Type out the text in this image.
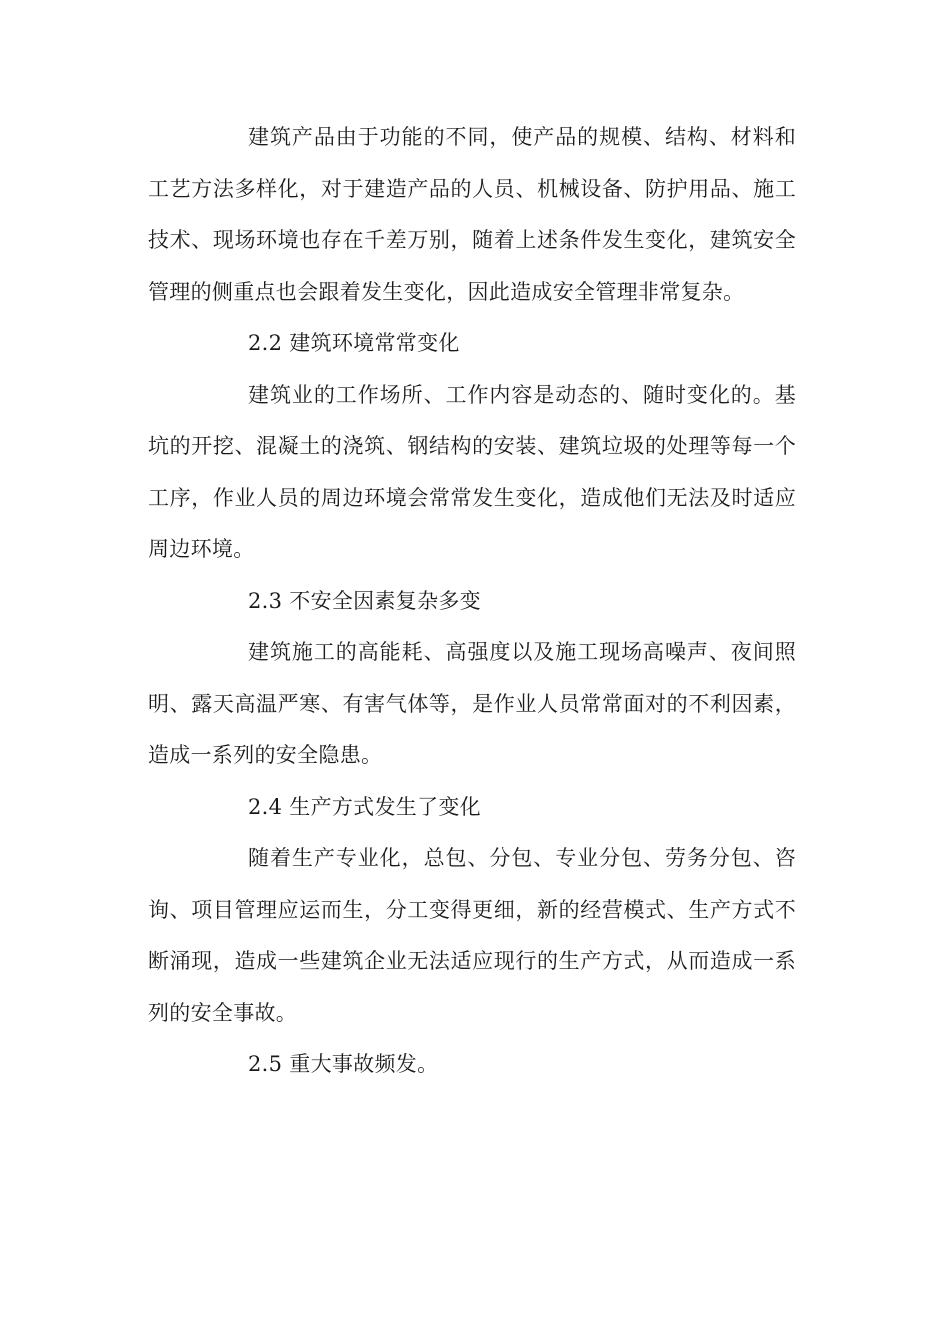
建筑产品由于功能的不同，使产品的规模、结构、材料和工艺方法多样化，对于建造产品的人员、机械设备、防护用品、施工技术、现场环境也存在千差万别，随着上述条件发生变化，建筑安全管理的侧重点也会跟着发生变化，因此造成安全管理非常复杂。

2.2 建筑环境常常变化

建筑业的工作场所、工作内容是动态的、随时变化的。基坑的开挖、混凝土的浇筑、钢结构的安装、建筑垃圾的处理等每一个工序，作业人员的周边环境会常常发生变化，造成他们无法及时适应周边环境。

2.3 不安全因素复杂多变

建筑施工的高能耗、高强度以及施工现场高噪声、夜间照明、露天高温严寒、有害气体等，是作业人员常常面对的不利因素，造成一系列的安全隐患。

2.4 生产方式发生了变化

随着生产专业化，总包、分包、专业分包、劳务分包、咨询、项目管理应运而生，分工变得更细，新的经营模式、生产方式不断涌现，造成一些建筑企业无法适应现行的生产方式，从而造成一系列的安全事故。

2.5 重大事故频发。
